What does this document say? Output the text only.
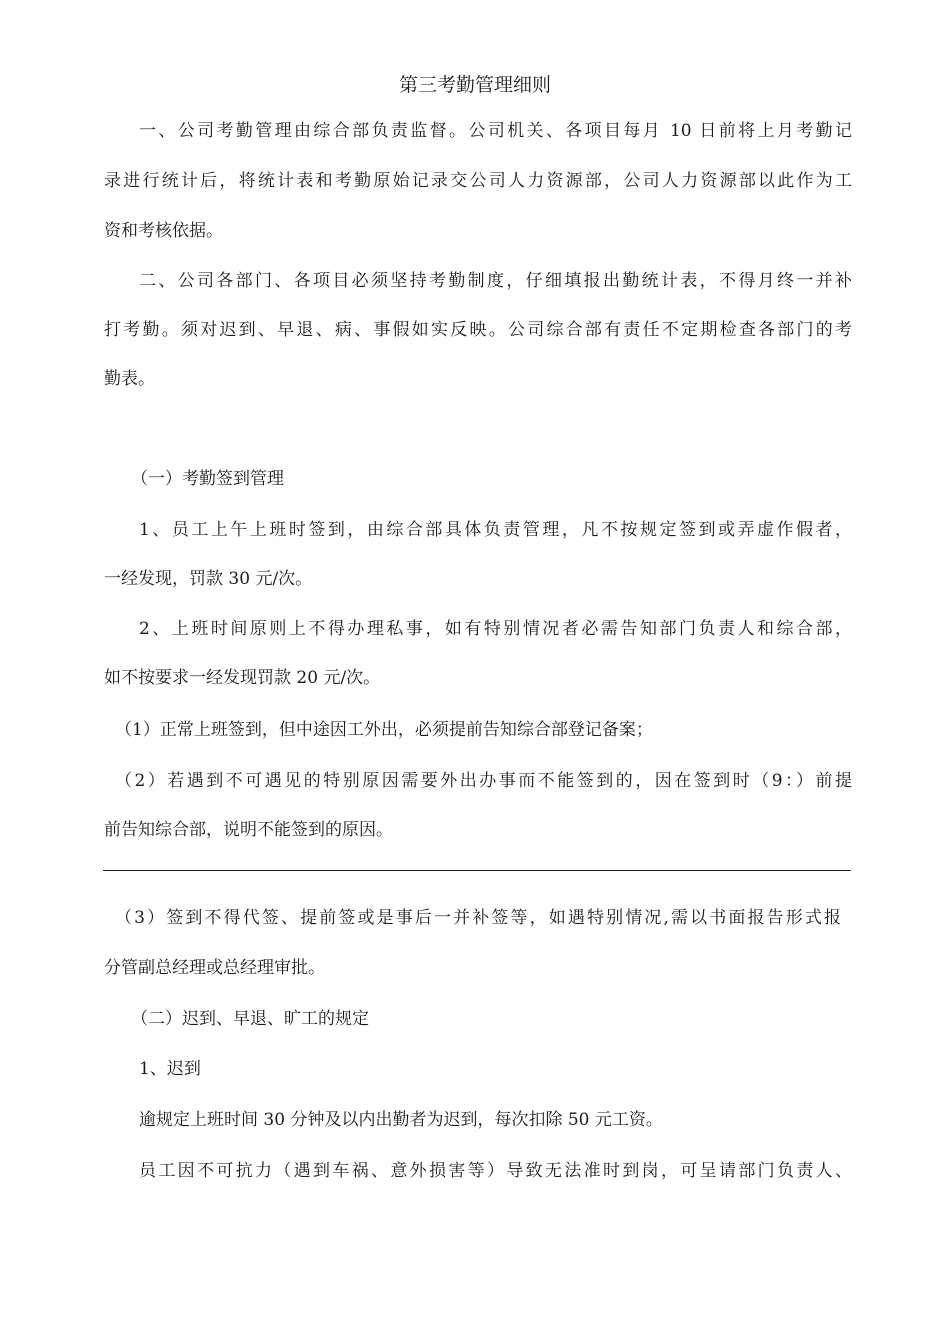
第三考勤管理细则
一、公司考勤管理由综合部负责监督。公司机关、各项目每月 10 日前将上月考勤记
录进行统计后，将统计表和考勤原始记录交公司人力资源部，公司人力资源部以此作为工
资和考核依据。
二、公司各部门、各项目必须坚持考勤制度，仔细填报出勤统计表，不得月终一并补
打考勤。须对迟到、早退、病、事假如实反映。公司综合部有责任不定期检查各部门的考
勤表。
（一）考勤签到管理
1、员工上午上班时签到，由综合部具体负责管理，凡不按规定签到或弄虚作假者，
一经发现，罚款 30 元/次。
2、上班时间原则上不得办理私事，如有特别情况者必需告知部门负责人和综合部，
如不按要求一经发现罚款 20 元/次。
（1）正常上班签到，但中途因工外出，必须提前告知综合部登记备案；
（2）若遇到不可遇见的特别原因需要外出办事而不能签到的，因在签到时（9：）前提
前告知综合部，说明不能签到的原因。
（3）签到不得代签、提前签或是事后一并补签等，如遇特别情况,需以书面报告形式报
分管副总经理或总经理审批。
（二）迟到、早退、旷工的规定
1、迟到
逾规定上班时间 30 分钟及以内出勤者为迟到，每次扣除 50 元工资。
员工因不可抗力（遇到车祸、意外损害等）导致无法准时到岗，可呈请部门负责人、
